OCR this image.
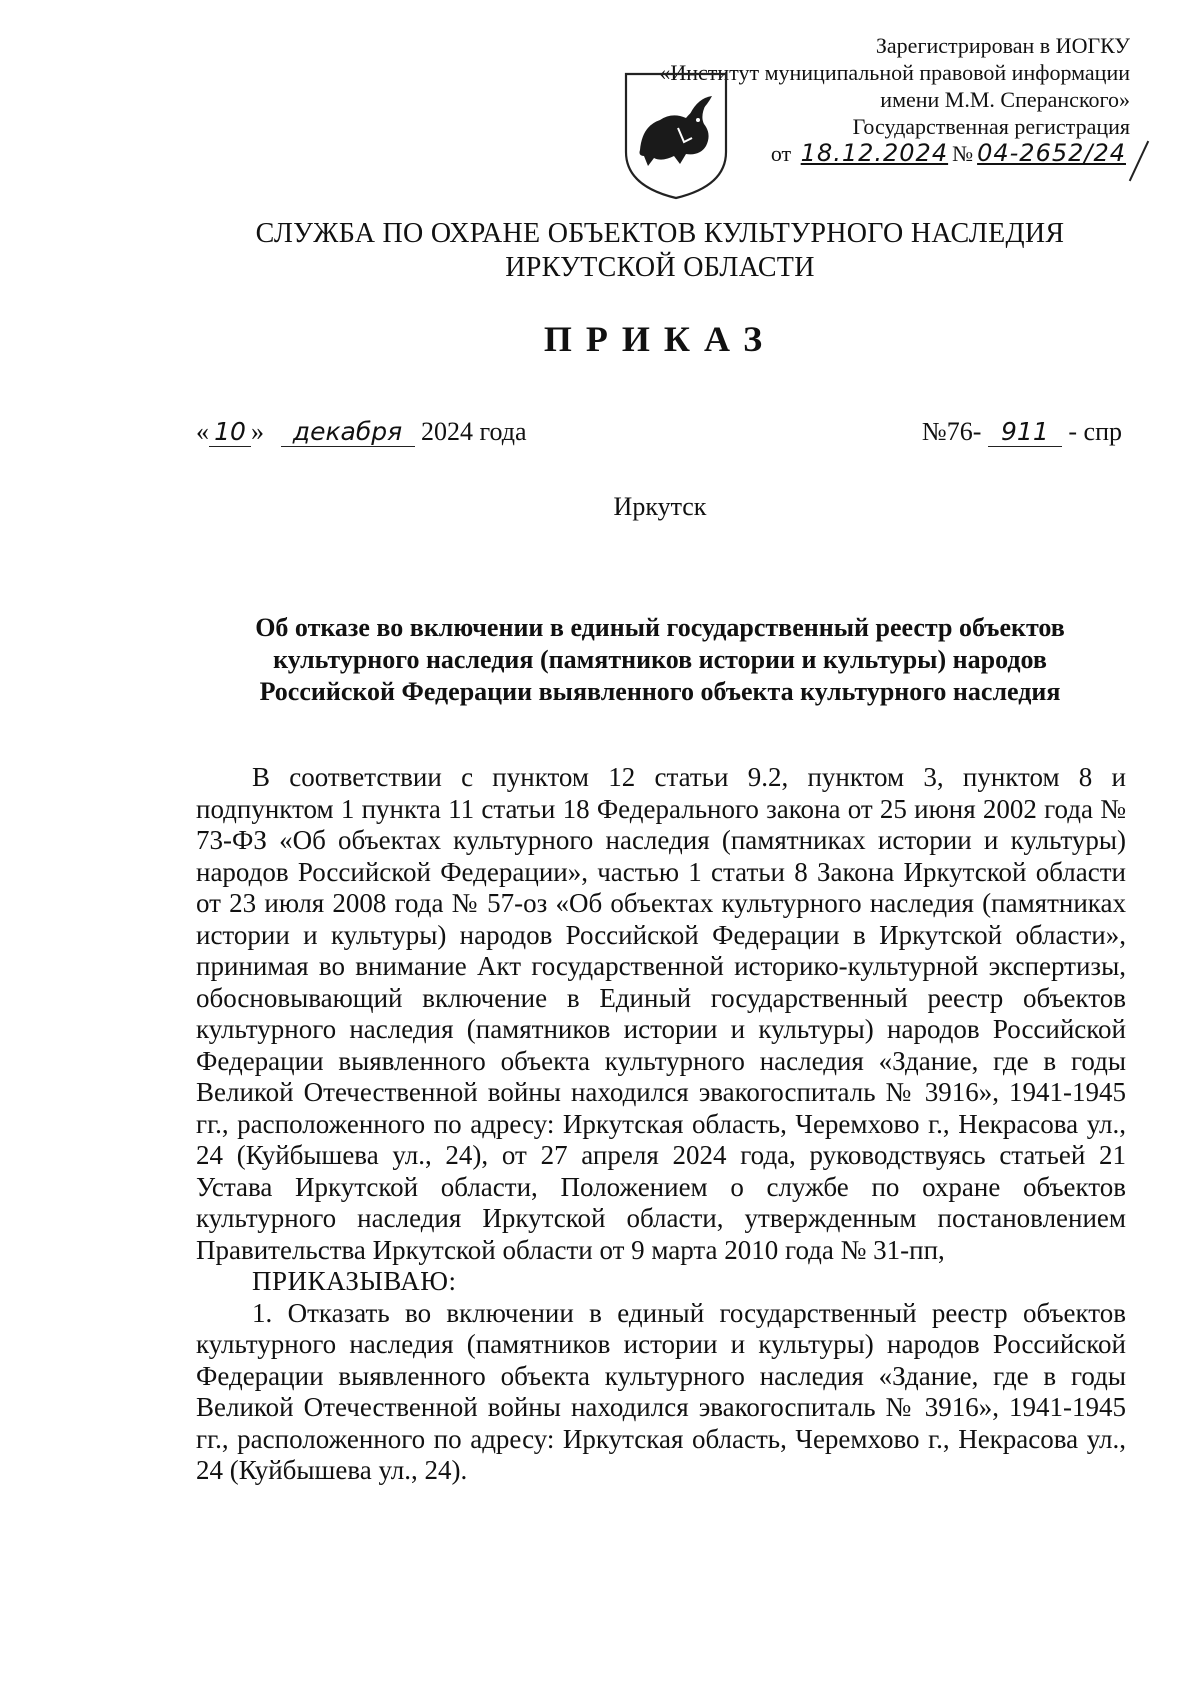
Зарегистрирован в ИОГКУ
«Институт муниципальной правовой информации
имени М.М. Сперанского»
Государственная регистрация
от 18.12.2024 № 04-2652/24
СЛУЖБА ПО ОХРАНЕ ОБЪЕКТОВ КУЛЬТУРНОГО НАСЛЕДИЯ
ИРКУТСКОЙ ОБЛАСТИ
ПРИКАЗ
« 10 » декабря 2024 года	№76- 911 - спр
Иркутск
Об отказе во включении в единый государственный реестр объектов
культурного наследия (памятников истории и культуры) народов
Российской Федерации выявленного объекта культурного наследия

В соответствии с пунктом 12 статьи 9.2, пунктом 3, пунктом 8 и подпунктом 1 пункта 11 статьи 18 Федерального закона от 25 июня 2002 года № 73-ФЗ «Об объектах культурного наследия (памятниках истории и культуры) народов Российской Федерации», частью 1 статьи 8 Закона Иркутской области от 23 июля 2008 года № 57-оз «Об объектах культурного наследия (памятниках истории и культуры) народов Российской Федерации в Иркутской области», принимая во внимание Акт государственной историко-культурной экспертизы, обосновывающий включение в Единый государственный реестр объектов культурного наследия (памятников истории и культуры) народов Российской Федерации выявленного объекта культурного наследия «Здание, где в годы Великой Отечественной войны находился эвакогоспиталь № 3916», 1941-1945 гг., расположенного по адресу: Иркутская область, Черемхово г., Некрасова ул., 24 (Куйбышева ул., 24), от 27 апреля 2024 года, руководствуясь статьей 21 Устава Иркутской области, Положением о службе по охране объектов культурного наследия Иркутской области, утвержденным постановлением Правительства Иркутской области от 9 марта 2010 года № 31-пп,

ПРИКАЗЫВАЮ:

1. Отказать во включении в единый государственный реестр объектов культурного наследия (памятников истории и культуры) народов Российской Федерации выявленного объекта культурного наследия «Здание, где в годы Великой Отечественной войны находился эвакогоспиталь № 3916», 1941-1945 гг., расположенного по адресу: Иркутская область, Черемхово г., Некрасова ул., 24 (Куйбышева ул., 24).
